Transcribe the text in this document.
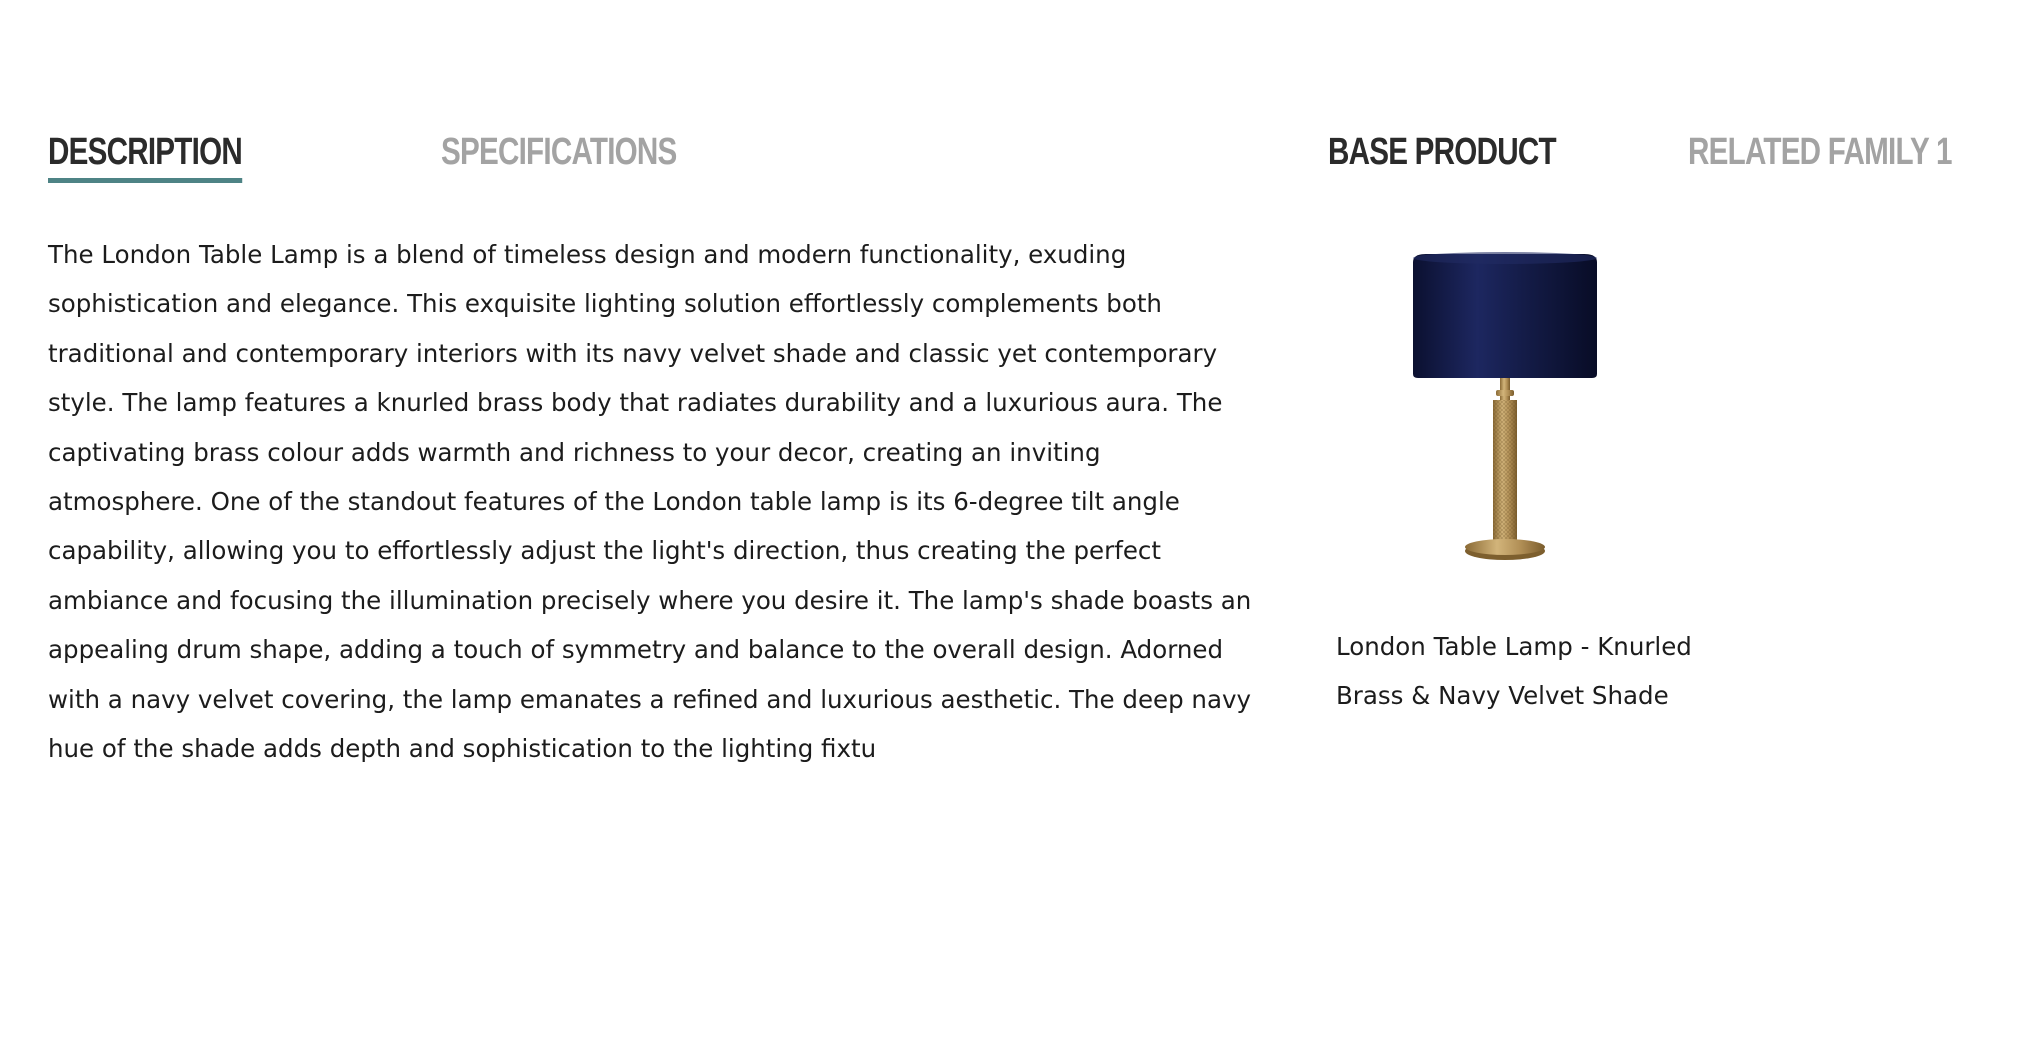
DESCRIPTION	SPECIFICATIONS	BASE PRODUCT	RELATED FAMILY 1

The London Table Lamp is a blend of timeless design and modern functionality, exuding sophistication and elegance. This exquisite lighting solution effortlessly complements both traditional and contemporary interiors with its navy velvet shade and classic yet contemporary style. The lamp features a knurled brass body that radiates durability and a luxurious aura. The captivating brass colour adds warmth and richness to your decor, creating an inviting atmosphere. One of the standout features of the London table lamp is its 6-degree tilt angle capability, allowing you to effortlessly adjust the light's direction, thus creating the perfect ambiance and focusing the illumination precisely where you desire it. The lamp's shade boasts an appealing drum shape, adding a touch of symmetry and balance to the overall design. Adorned with a navy velvet covering, the lamp emanates a refined and luxurious aesthetic. The deep navy hue of the shade adds depth and sophistication to the lighting fixtu

London Table Lamp - Knurled Brass & Navy Velvet Shade
